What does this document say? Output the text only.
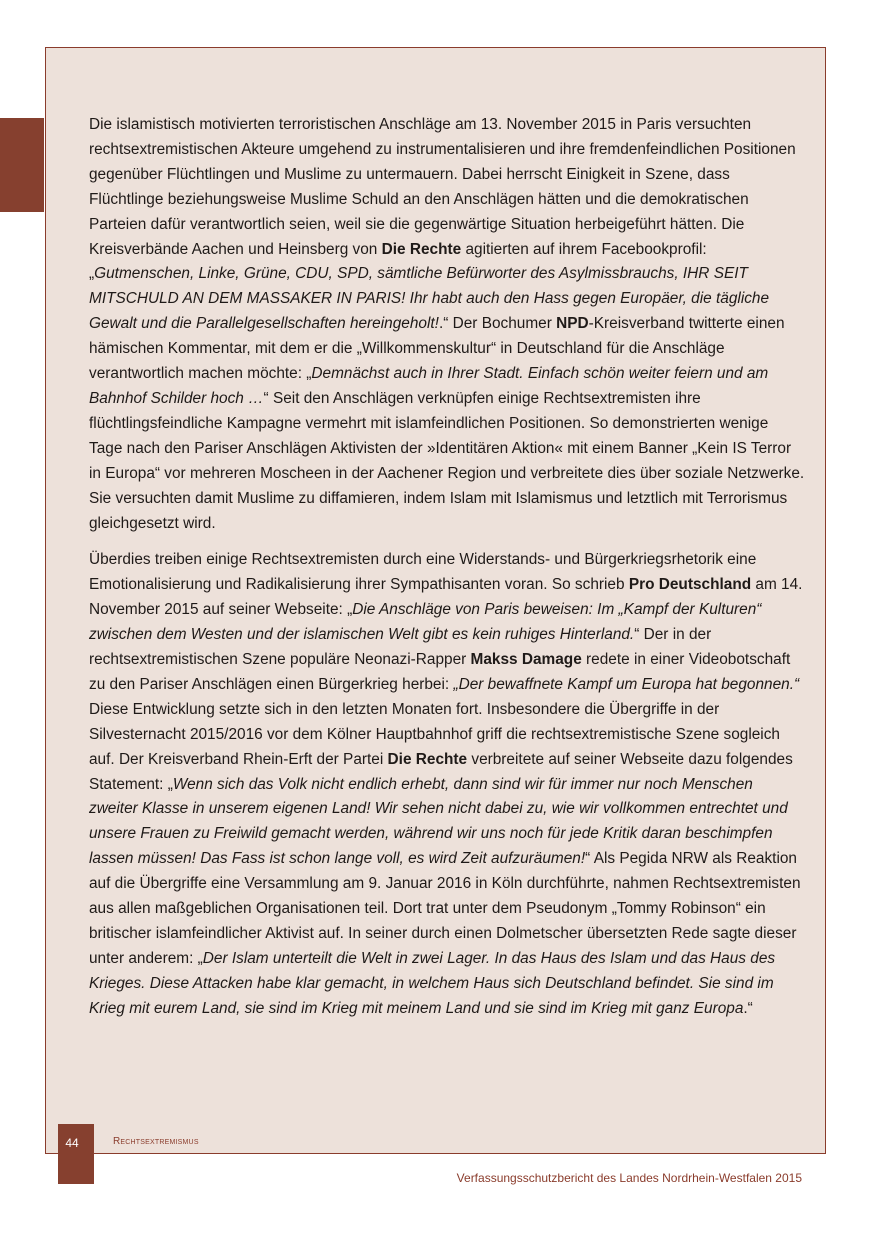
Die islamistisch motivierten terroristischen Anschläge am 13. November 2015 in Paris versuchten rechtsextremistischen Akteure umgehend zu instrumentalisieren und ihre fremdenfeindlichen Positionen gegenüber Flüchtlingen und Muslime zu untermauern. Dabei herrscht Einigkeit in Szene, dass Flüchtlinge beziehungsweise Muslime Schuld an den Anschlägen hätten und die demokratischen Parteien dafür verantwortlich seien, weil sie die gegenwärtige Situation herbeigeführt hätten. Die Kreisverbände Aachen und Heinsberg von Die Rechte agitierten auf ihrem Facebookprofil: „Gutmenschen, Linke, Grüne, CDU, SPD, sämtliche Befürworter des Asylmissbrauchs, IHR SEIT MITSCHULD AN DEM MASSAKER IN PARIS! Ihr habt auch den Hass gegen Europäer, die tägliche Gewalt und die Parallelgesellschaften hereingeholt!.“ Der Bochumer NPD-Kreisverband twitterte einen hämischen Kommentar, mit dem er die „Willkommenskultur“ in Deutschland für die Anschläge verantwortlich machen möchte: „Demnächst auch in Ihrer Stadt. Einfach schön weiter feiern und am Bahnhof Schilder hoch …“ Seit den Anschlägen verknüpfen einige Rechtsextremisten ihre flüchtlingsfeindliche Kampagne vermehrt mit islamfeindlichen Positionen. So demonstrierten wenige Tage nach den Pariser Anschlägen Aktivisten der »Identitären Aktion« mit einem Banner „Kein IS Terror in Europa“ vor mehreren Moscheen in der Aachener Region und verbreitete dies über soziale Netzwerke. Sie versuchten damit Muslime zu diffamieren, indem Islam mit Islamismus und letztlich mit Terrorismus gleichgesetzt wird.

Überdies treiben einige Rechtsextremisten durch eine Widerstands- und Bürgerkriegsrhetorik eine Emotionalisierung und Radikalisierung ihrer Sympathisanten voran. So schrieb Pro Deutschland am 14. November 2015 auf seiner Webseite: „Die Anschläge von Paris beweisen: Im „Kampf der Kulturen“ zwischen dem Westen und der islamischen Welt gibt es kein ruhiges Hinterland.“ Der in der rechtsextremistischen Szene populäre Neonazi-Rapper Makss Damage redete in einer Videobotschaft zu den Pariser Anschlägen einen Bürgerkrieg herbei: „Der bewaffnete Kampf um Europa hat begonnen.“ Diese Entwicklung setzte sich in den letzten Monaten fort. Insbesondere die Übergriffe in der Silvesternacht 2015/2016 vor dem Kölner Hauptbahnhof griff die rechtsextremistische Szene sogleich auf. Der Kreisverband Rhein-Erft der Partei Die Rechte verbreitete auf seiner Webseite dazu folgendes Statement: „Wenn sich das Volk nicht endlich erhebt, dann sind wir für immer nur noch Menschen zweiter Klasse in unserem eigenen Land! Wir sehen nicht dabei zu, wie wir vollkommen entrechtet und unsere Frauen zu Freiwild gemacht werden, während wir uns noch für jede Kritik daran beschimpfen lassen müssen! Das Fass ist schon lange voll, es wird Zeit aufzuräumen!“ Als Pegida NRW als Reaktion auf die Übergriffe eine Versammlung am 9. Januar 2016 in Köln durchführte, nahmen Rechtsextremisten aus allen maßgeblichen Organisationen teil. Dort trat unter dem Pseudonym „Tommy Robinson“ ein britischer islamfeindlicher Aktivist auf. In seiner durch einen Dolmetscher übersetzten Rede sagte dieser unter anderem: „Der Islam unterteilt die Welt in zwei Lager. In das Haus des Islam und das Haus des Krieges. Diese Attacken habe klar gemacht, in welchem Haus sich Deutschland befindet. Sie sind im Krieg mit eurem Land, sie sind im Krieg mit meinem Land und sie sind im Krieg mit ganz Europa.“

44	Rechtsextremismus
Verfassungsschutzbericht des Landes Nordrhein-Westfalen 2015
